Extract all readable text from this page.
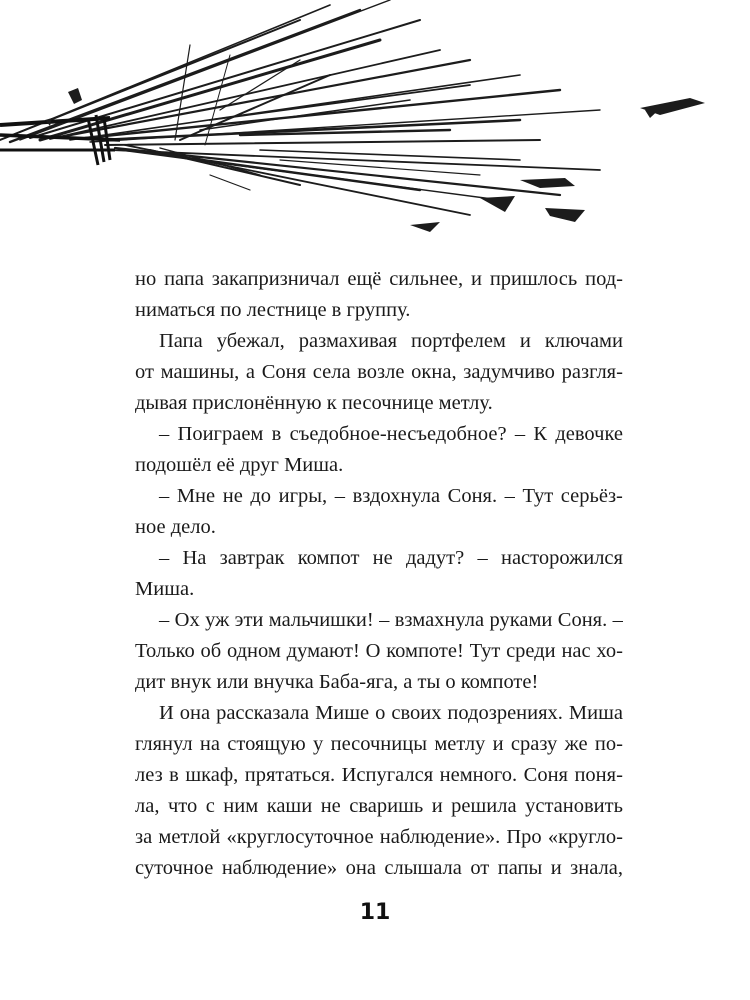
но папа закапризничал ещё сильнее, и пришлось под-
ниматься по лестнице в группу.
Папа убежал, размахивая портфелем и ключами
от машины, а Соня села возле окна, задумчиво разгля-
дывая прислонённую к песочнице метлу.
– Поиграем в съедобное-несъедобное? – К девочке
подошёл её друг Миша.
– Мне не до игры, – вздохнула Соня. – Тут серьёз-
ное дело.
– На завтрак компот не дадут? – насторожился
Миша.
– Ох уж эти мальчишки! – взмахнула руками Соня. –
Только об одном думают! О компоте! Тут среди нас хо-
дит внук или внучка Баба-яга, а ты о компоте!
И она рассказала Мише о своих подозрениях. Миша
глянул на стоящую у песочницы метлу и сразу же по-
лез в шкаф, прятаться. Испугался немного. Соня поня-
ла, что с ним каши не сваришь и решила установить
за метлой «круглосуточное наблюдение». Про «кругло-
суточное наблюдение» она слышала от папы и знала,
11
